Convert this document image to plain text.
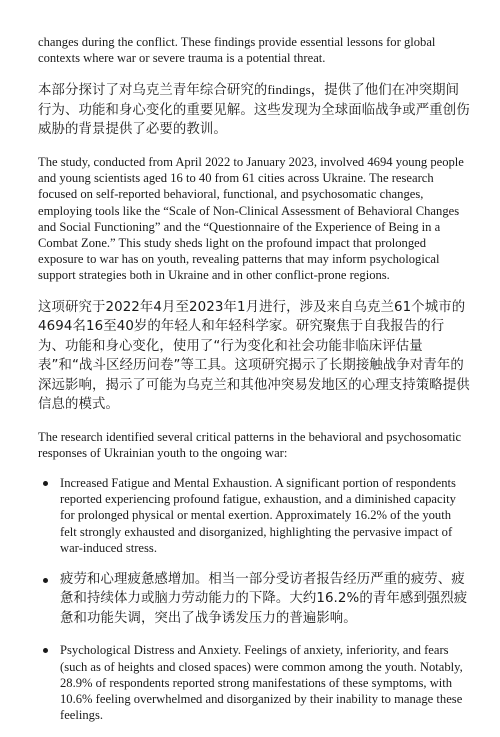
changes during the conflict. These findings provide essential lessons for global contexts where war or severe trauma is a potential threat.

本部分探讨了对乌克兰青年综合研究的findings，提供了他们在冲突期间行为、功能和身心变化的重要见解。这些发现为全球面临战争或严重创伤威胁的背景提供了必要的教训。

The study, conducted from April 2022 to January 2023, involved 4694 young people and young scientists aged 16 to 40 from 61 cities across Ukraine. The research focused on self-reported behavioral, functional, and psychosomatic changes, employing tools like the “Scale of Non-Clinical Assessment of Behavioral Changes and Social Functioning” and the “Questionnaire of the Experience of Being in a Combat Zone.” This study sheds light on the profound impact that prolonged exposure to war has on youth, revealing patterns that may inform psychological support strategies both in Ukraine and in other conflict-prone regions.

这项研究于2022年4月至2023年1月进行，涉及来自乌克兰61个城市的4694名16至40岁的年轻人和年轻科学家。研究聚焦于自我报告的行为、功能和身心变化，使用了“行为变化和社会功能非临床评估量表”和“战斗区经历问卷”等工具。这项研究揭示了长期接触战争对青年的深远影响，揭示了可能为乌克兰和其他冲突易发地区的心理支持策略提供信息的模式。

The research identified several critical patterns in the behavioral and psychosomatic responses of Ukrainian youth to the ongoing war:

Increased Fatigue and Mental Exhaustion. A significant portion of respondents reported experiencing profound fatigue, exhaustion, and a diminished capacity for prolonged physical or mental exertion. Approximately 16.2% of the youth felt strongly exhausted and disorganized, highlighting the pervasive impact of war-induced stress.
疲劳和心理疲惫感增加。相当一部分受访者报告经历严重的疲劳、疲惫和持续体力或脑力劳动能力的下降。大约16.2%的青年感到强烈疲惫和功能失调，突出了战争诱发压力的普遍影响。
Psychological Distress and Anxiety. Feelings of anxiety, inferiority, and fears (such as of heights and closed spaces) were common among the youth. Notably, 28.9% of respondents reported strong manifestations of these symptoms, with 10.6% feeling overwhelmed and disorganized by their inability to manage these feelings.
